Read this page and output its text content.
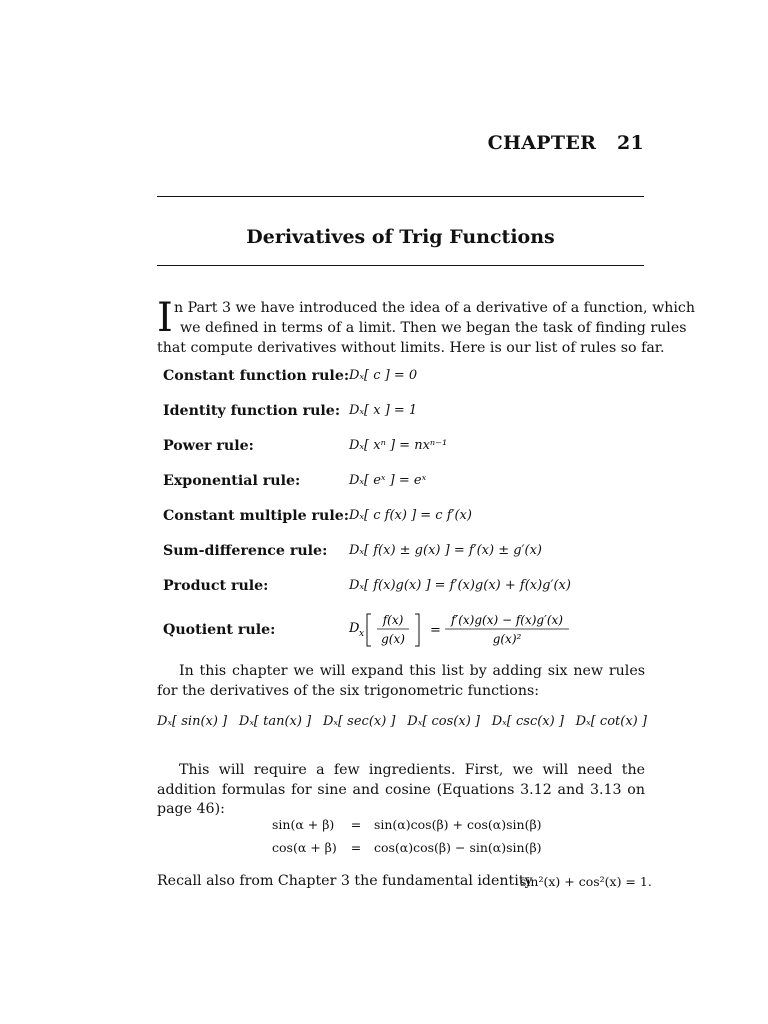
CHAPTER 21
Derivatives of Trig Functions
I n Part 3 we have introduced the idea of a derivative of a function, which
we defined in terms of a limit. Then we began the task of finding rules
that compute derivatives without limits. Here is our list of rules so far.
Constant function rule: Dₓ[ c ] = 0
Identity function rule: Dₓ[ x ] = 1
Power rule:	Dₓ[ xⁿ ] = nxⁿ⁻¹
Exponential rule:	Dₓ[ eˣ ] = eˣ
Constant multiple rule: Dₓ[ c f(x) ] = c f′(x)
Sum-difference rule: Dₓ[ f(x) ± g(x) ] = f′(x) ± g′(x)
Product rule:	Dₓ[ f(x)g(x) ] = f′(x)g(x) + f(x)g′(x)
Quotient rule:	D x
f(x)
g(x)
=
f′(x)g(x) − f(x)g′(x)
g(x)²
In this chapter we will expand this list by adding six new rules for the derivatives of the six trigonometric functions:
Dₓ[ sin(x) ] Dₓ[ tan(x) ] Dₓ[ sec(x) ] Dₓ[ cos(x) ] Dₓ[ csc(x) ] Dₓ[ cot(x) ]
This will require a few ingredients. First, we will need the addition formulas for sine and cosine (Equations 3.12 and 3.13 on page 46):
sin(α + β) = sin(α)cos(β) + cos(α)sin(β)
cos(α + β) = cos(α)cos(β) − sin(α)sin(β)
Recall also from Chapter 3 the fundamental identity
sin²(x) + cos²(x) = 1.
